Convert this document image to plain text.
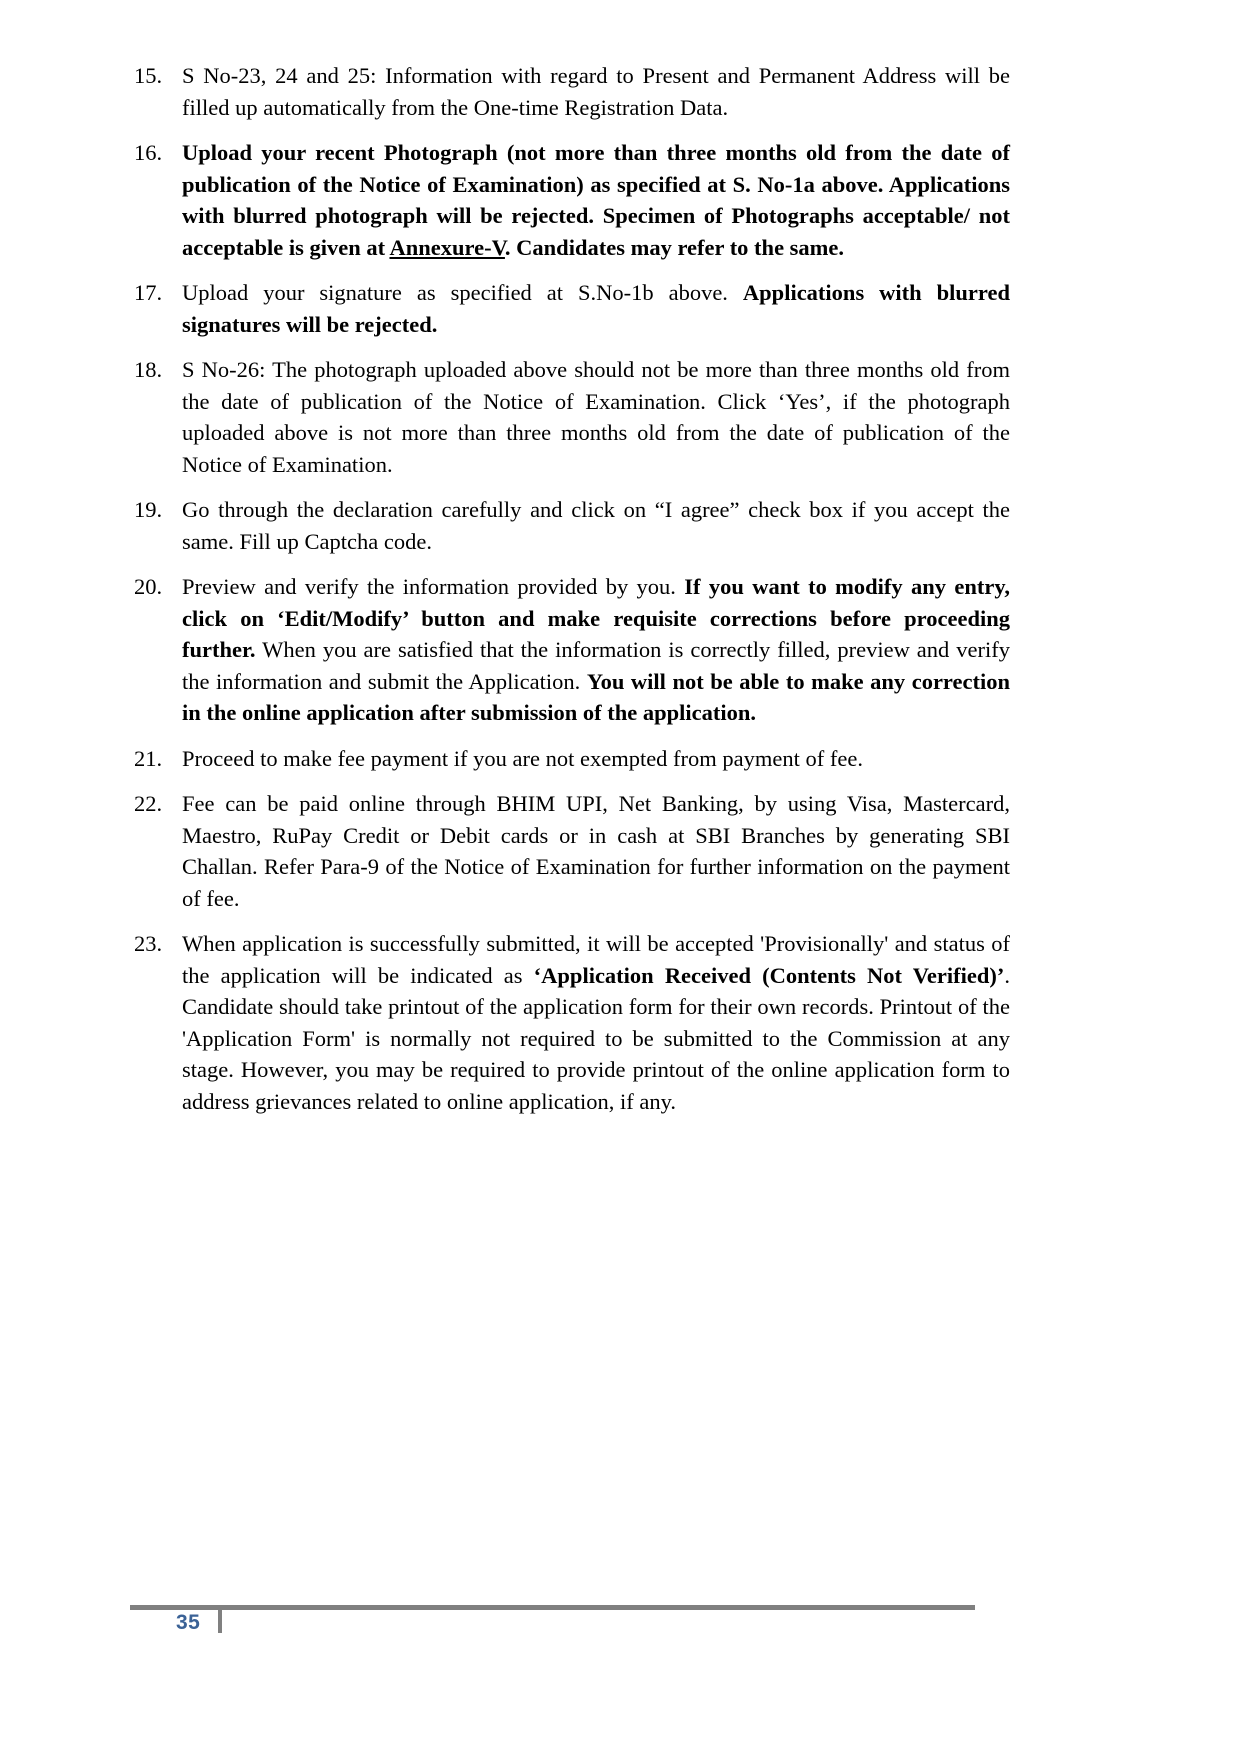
15. S No-23, 24 and 25: Information with regard to Present and Permanent Address will be filled up automatically from the One-time Registration Data.
16. Upload your recent Photograph (not more than three months old from the date of publication of the Notice of Examination) as specified at S. No-1a above. Applications with blurred photograph will be rejected. Specimen of Photographs acceptable/ not acceptable is given at Annexure-V. Candidates may refer to the same.
17. Upload your signature as specified at S.No-1b above. Applications with blurred signatures will be rejected.
18. S No-26: The photograph uploaded above should not be more than three months old from the date of publication of the Notice of Examination. Click ‘Yes’, if the photograph uploaded above is not more than three months old from the date of publication of the Notice of Examination.
19. Go through the declaration carefully and click on “I agree” check box if you accept the same. Fill up Captcha code.
20. Preview and verify the information provided by you. If you want to modify any entry, click on ‘Edit/Modify’ button and make requisite corrections before proceeding further. When you are satisfied that the information is correctly filled, preview and verify the information and submit the Application. You will not be able to make any correction in the online application after submission of the application.
21. Proceed to make fee payment if you are not exempted from payment of fee.
22. Fee can be paid online through BHIM UPI, Net Banking, by using Visa, Mastercard, Maestro, RuPay Credit or Debit cards or in cash at SBI Branches by generating SBI Challan. Refer Para-9 of the Notice of Examination for further information on the payment of fee.
23. When application is successfully submitted, it will be accepted 'Provisionally' and status of the application will be indicated as ‘Application Received (Contents Not Verified)’. Candidate should take printout of the application form for their own records. Printout of the 'Application Form' is normally not required to be submitted to the Commission at any stage. However, you may be required to provide printout of the online application form to address grievances related to online application, if any.
35
